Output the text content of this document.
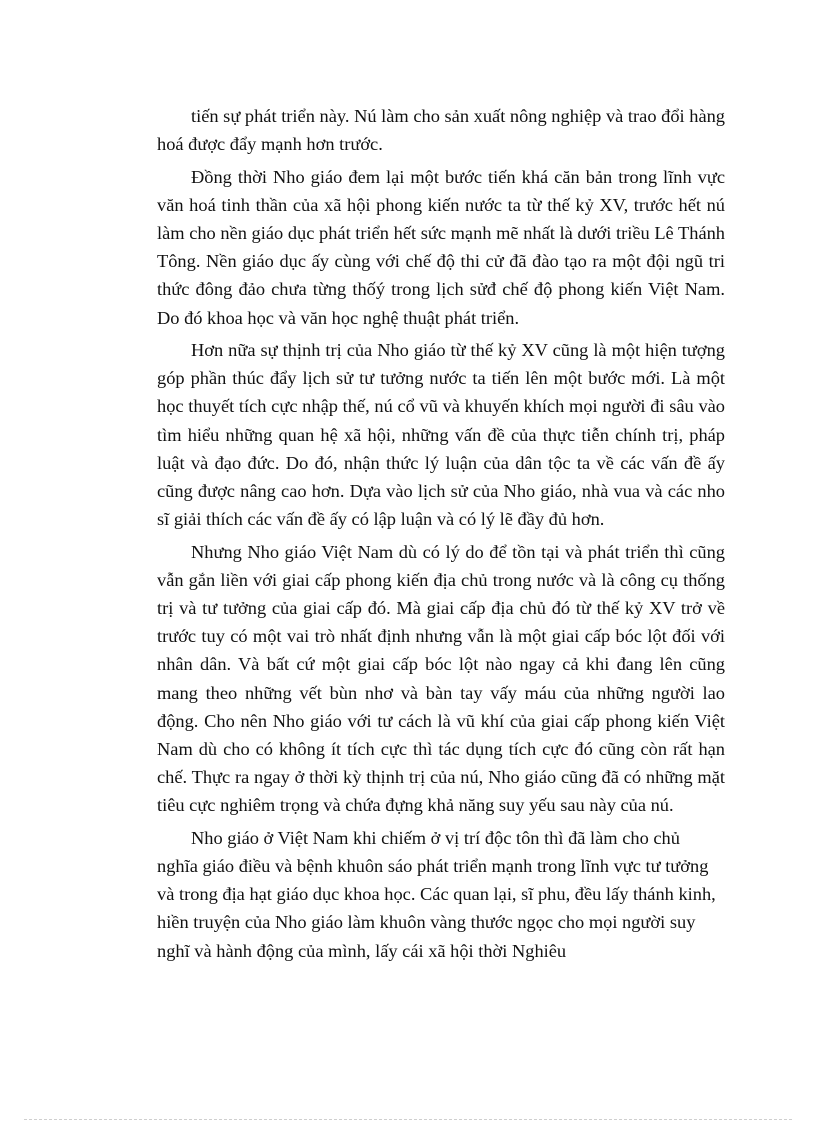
tiến sự phát triển này. Nú làm cho sản xuất nông nghiệp và trao đổi hàng hoá được đẩy mạnh hơn trước.

Đồng thời Nho giáo đem lại một bước tiến khá căn bản trong lĩnh vực văn hoá tinh thần của xã hội phong kiến nước ta từ thế kỷ XV, trước hết nú làm cho nền giáo dục phát triển hết sức mạnh mẽ nhất là dưới triều Lê Thánh Tông. Nền giáo dục ấy cùng với chế độ thi cử đã đào tạo ra một đội ngũ tri thức đông đảo chưa từng thốý trong lịch sửđ chế độ phong kiến Việt Nam. Do đó khoa học và văn học nghệ thuật phát triển.

Hơn nữa sự thịnh trị của Nho giáo từ thế kỷ XV cũng là một hiện tượng góp phần thúc đẩy lịch sử tư tưởng nước ta tiến lên một bước mới. Là một học thuyết tích cực nhập thế, nú cổ vũ và khuyến khích mọi người đi sâu vào tìm hiểu những quan hệ xã hội, những vấn đề của thực tiễn chính trị, pháp luật và đạo đức. Do đó, nhận thức lý luận của dân tộc ta về các vấn đề ấy cũng được nâng cao hơn. Dựa vào lịch sử của Nho giáo, nhà vua và các nho sĩ giải thích các vấn đề ấy có lập luận và có lý lẽ đầy đủ hơn.

Nhưng Nho giáo Việt Nam dù có lý do để tồn tại và phát triển thì cũng vẫn gắn liền với giai cấp phong kiến địa chủ trong nước và là công cụ thống trị và tư tưởng của giai cấp đó. Mà giai cấp địa chủ đó từ thế kỷ XV trở về trước tuy có một vai trò nhất định nhưng vẫn là một giai cấp bóc lột đối với nhân dân. Và bất cứ một giai cấp bóc lột nào ngay cả khi đang lên cũng mang theo những vết bùn nhơ và bàn tay vấy máu của những người lao động. Cho nên Nho giáo với tư cách là vũ khí của giai cấp phong kiến Việt Nam dù cho có không ít tích cực thì tác dụng tích cực đó cũng còn rất hạn chế. Thực ra ngay ở thời kỳ thịnh trị của nú, Nho giáo cũng đã có những mặt tiêu cực nghiêm trọng và chứa đựng khả năng suy yếu sau này của nú.

Nho giáo ở Việt Nam khi chiếm ở vị trí độc tôn thì đã làm cho chủ nghĩa giáo điều và bệnh khuôn sáo phát triển mạnh trong lĩnh vực tư tưởng và trong địa hạt giáo dục khoa học. Các quan lại, sĩ phu, đều lấy thánh kinh, hiền truyện của Nho giáo làm khuôn vàng thước ngọc cho mọi người suy nghĩ và hành động của mình, lấy cái xã hội thời Nghiêu
